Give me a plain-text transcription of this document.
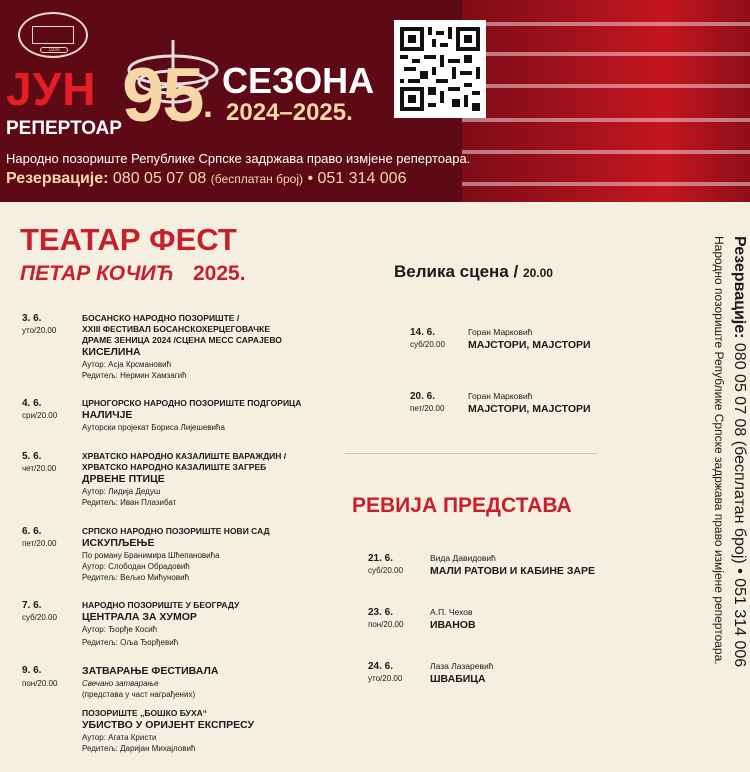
1930
ЈУН
РЕПЕРТОАР 95 .
СЕЗОНА
2024–2025.
Народно позориште Републике Српске задржава право измјене репертоара.
Резервације: 080 05 07 08 (бесплатан број) • 051 314 006
ТЕАТАР ФЕСТ
ПЕТАР КОЧИЋ 2025.
3. 6.
уто/20.00
БОСАНСКО НАРОДНО ПОЗОРИШТЕ /
XXIII ФЕСТИВАЛ БОСАНСКОХЕРЦЕГОВАЧКЕ
ДРАМЕ ЗЕНИЦА 2024 /СЦЕНА МЕСС САРАЈЕВО
КИСЕЛИНА
Аутор: Асја Крсмановић
Редитељ: Нермин Хамзагић
4. 6.
сри/20.00
ЦРНОГОРСКО НАРОДНО ПОЗОРИШТЕ ПОДГОРИЦА
НАЛИЧЈЕ
Ауторски пројекат Бориса Лијешевића
5. 6.
чет/20.00
ХРВАТСКО НАРОДНО КАЗАЛИШТЕ ВАРАЖДИН /
ХРВАТСКО НАРОДНО КАЗАЛИШТЕ ЗАГРЕБ
ДРВЕНЕ ПТИЦЕ
Аутор: Лидија Дедуш
Редитељ: Иван Плазибат
6. 6.
пет/20.00
СРПСКО НАРОДНО ПОЗОРИШТЕ НОВИ САД
ИСКУПЉЕЊЕ
По роману Бранимира Шћепановића
Аутор: Слободан Обрадовић
Редитељ: Вељко Мићуновић
7. 6.
суб/20.00
НАРОДНО ПОЗОРИШТЕ У БЕОГРАДУ
ЦЕНТРАЛА ЗА ХУМОР
Аутор: Ђорђе Косић
Редитељ: Оља Ђорђевић
9. 6.
пон/20.00
ЗАТВАРАЊЕ ФЕСТИВАЛА
Свечано затварање
(представа у част награђених)
ПОЗОРИШТЕ „БОШКО БУХА“
УБИСТВО У ОРИЈЕНТ ЕКСПРЕСУ
Аутор: Агата Кристи
Редитељ: Даријан Михајловић
Велика сцена / 20.00
14. 6.
суб/20.00
Горан Марковић
МАЈСТОРИ, МАЈСТОРИ
20. 6.
пет/20.00
Горан Марковић
МАЈСТОРИ, МАЈСТОРИ
РЕВИЈА ПРЕДСТАВА
21. 6.
суб/20.00
Вида Давидовић
МАЛИ РАТОВИ И КАБИНЕ ЗАРЕ
23. 6.
пон/20.00
А.П. Чехов
ИВАНОВ
24. 6.
уто/20.00
Лаза Лазаревић
ШВАБИЦА
Резервације: 080 05 07 08 (бесплатан број) • 051 314 006
Народно позориште Републике Српске задржава право измјене репертоара.
